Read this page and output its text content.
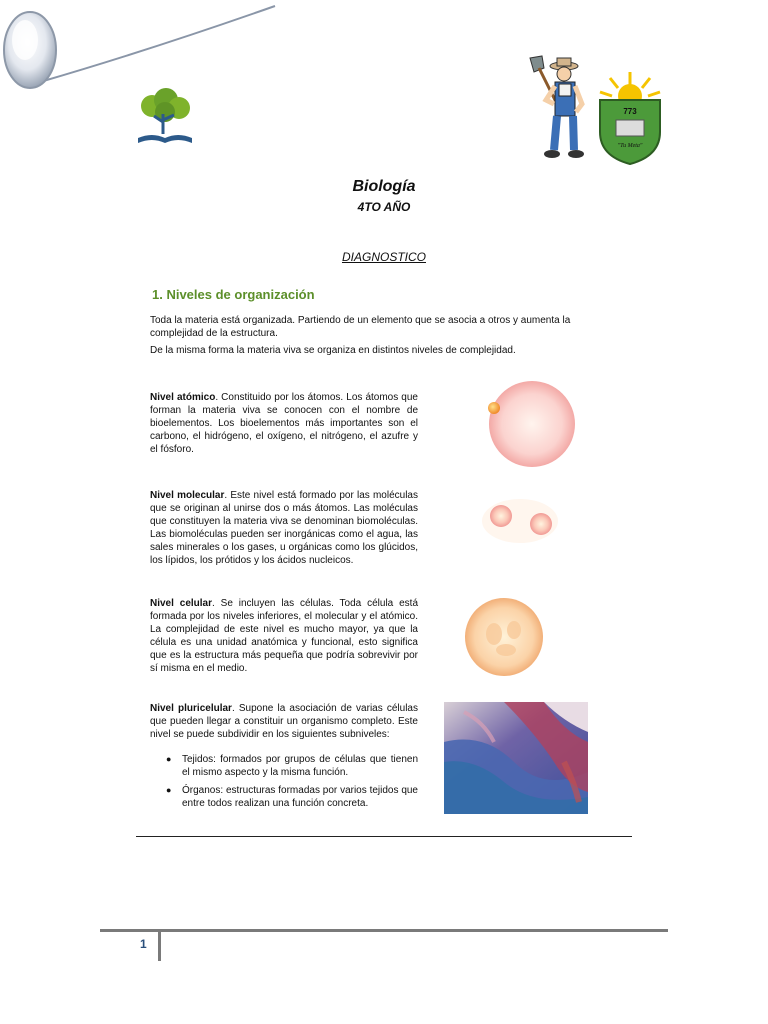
773
"Tu Meta"
Biología
4TO AÑO
DIAGNOSTICO
1. Niveles de organización
Toda la materia está organizada. Partiendo de un elemento que se asocia a otros y aumenta la complejidad de la estructura.
De la misma forma la materia viva se organiza en distintos niveles de complejidad.
Nivel atómico. Constituido por los átomos. Los átomos que forman la materia viva se conocen con el nombre de bioelementos. Los bioelementos más importantes son el carbono, el hidrógeno, el oxígeno, el nitrógeno, el azufre y el fósforo.
Nivel molecular. Este nivel está formado por las moléculas que se originan al unirse dos o más átomos. Las moléculas que constituyen la materia viva se denominan biomoléculas. Las biomoléculas pueden ser inorgánicas como el agua, las sales minerales o los gases, u orgánicas como los glúcidos, los lípidos, los prótidos y los ácidos nucleicos.
Nivel celular. Se incluyen las células. Toda célula está formada por los niveles inferiores, el molecular y el atómico. La complejidad de este nivel es mucho mayor, ya que la célula es una unidad anatómica y funcional, esto significa que es la estructura más pequeña que podría sobrevivir por sí misma en el medio.
Nivel pluricelular. Supone la asociación de varias células que pueden llegar a constituir un organismo completo. Este nivel se puede subdividir en los siguientes subniveles:
● Tejidos: formados por grupos de células que tienen el mismo aspecto y la misma función.
● Órganos: estructuras formadas por varios tejidos que entre todos realizan una función concreta.
1
